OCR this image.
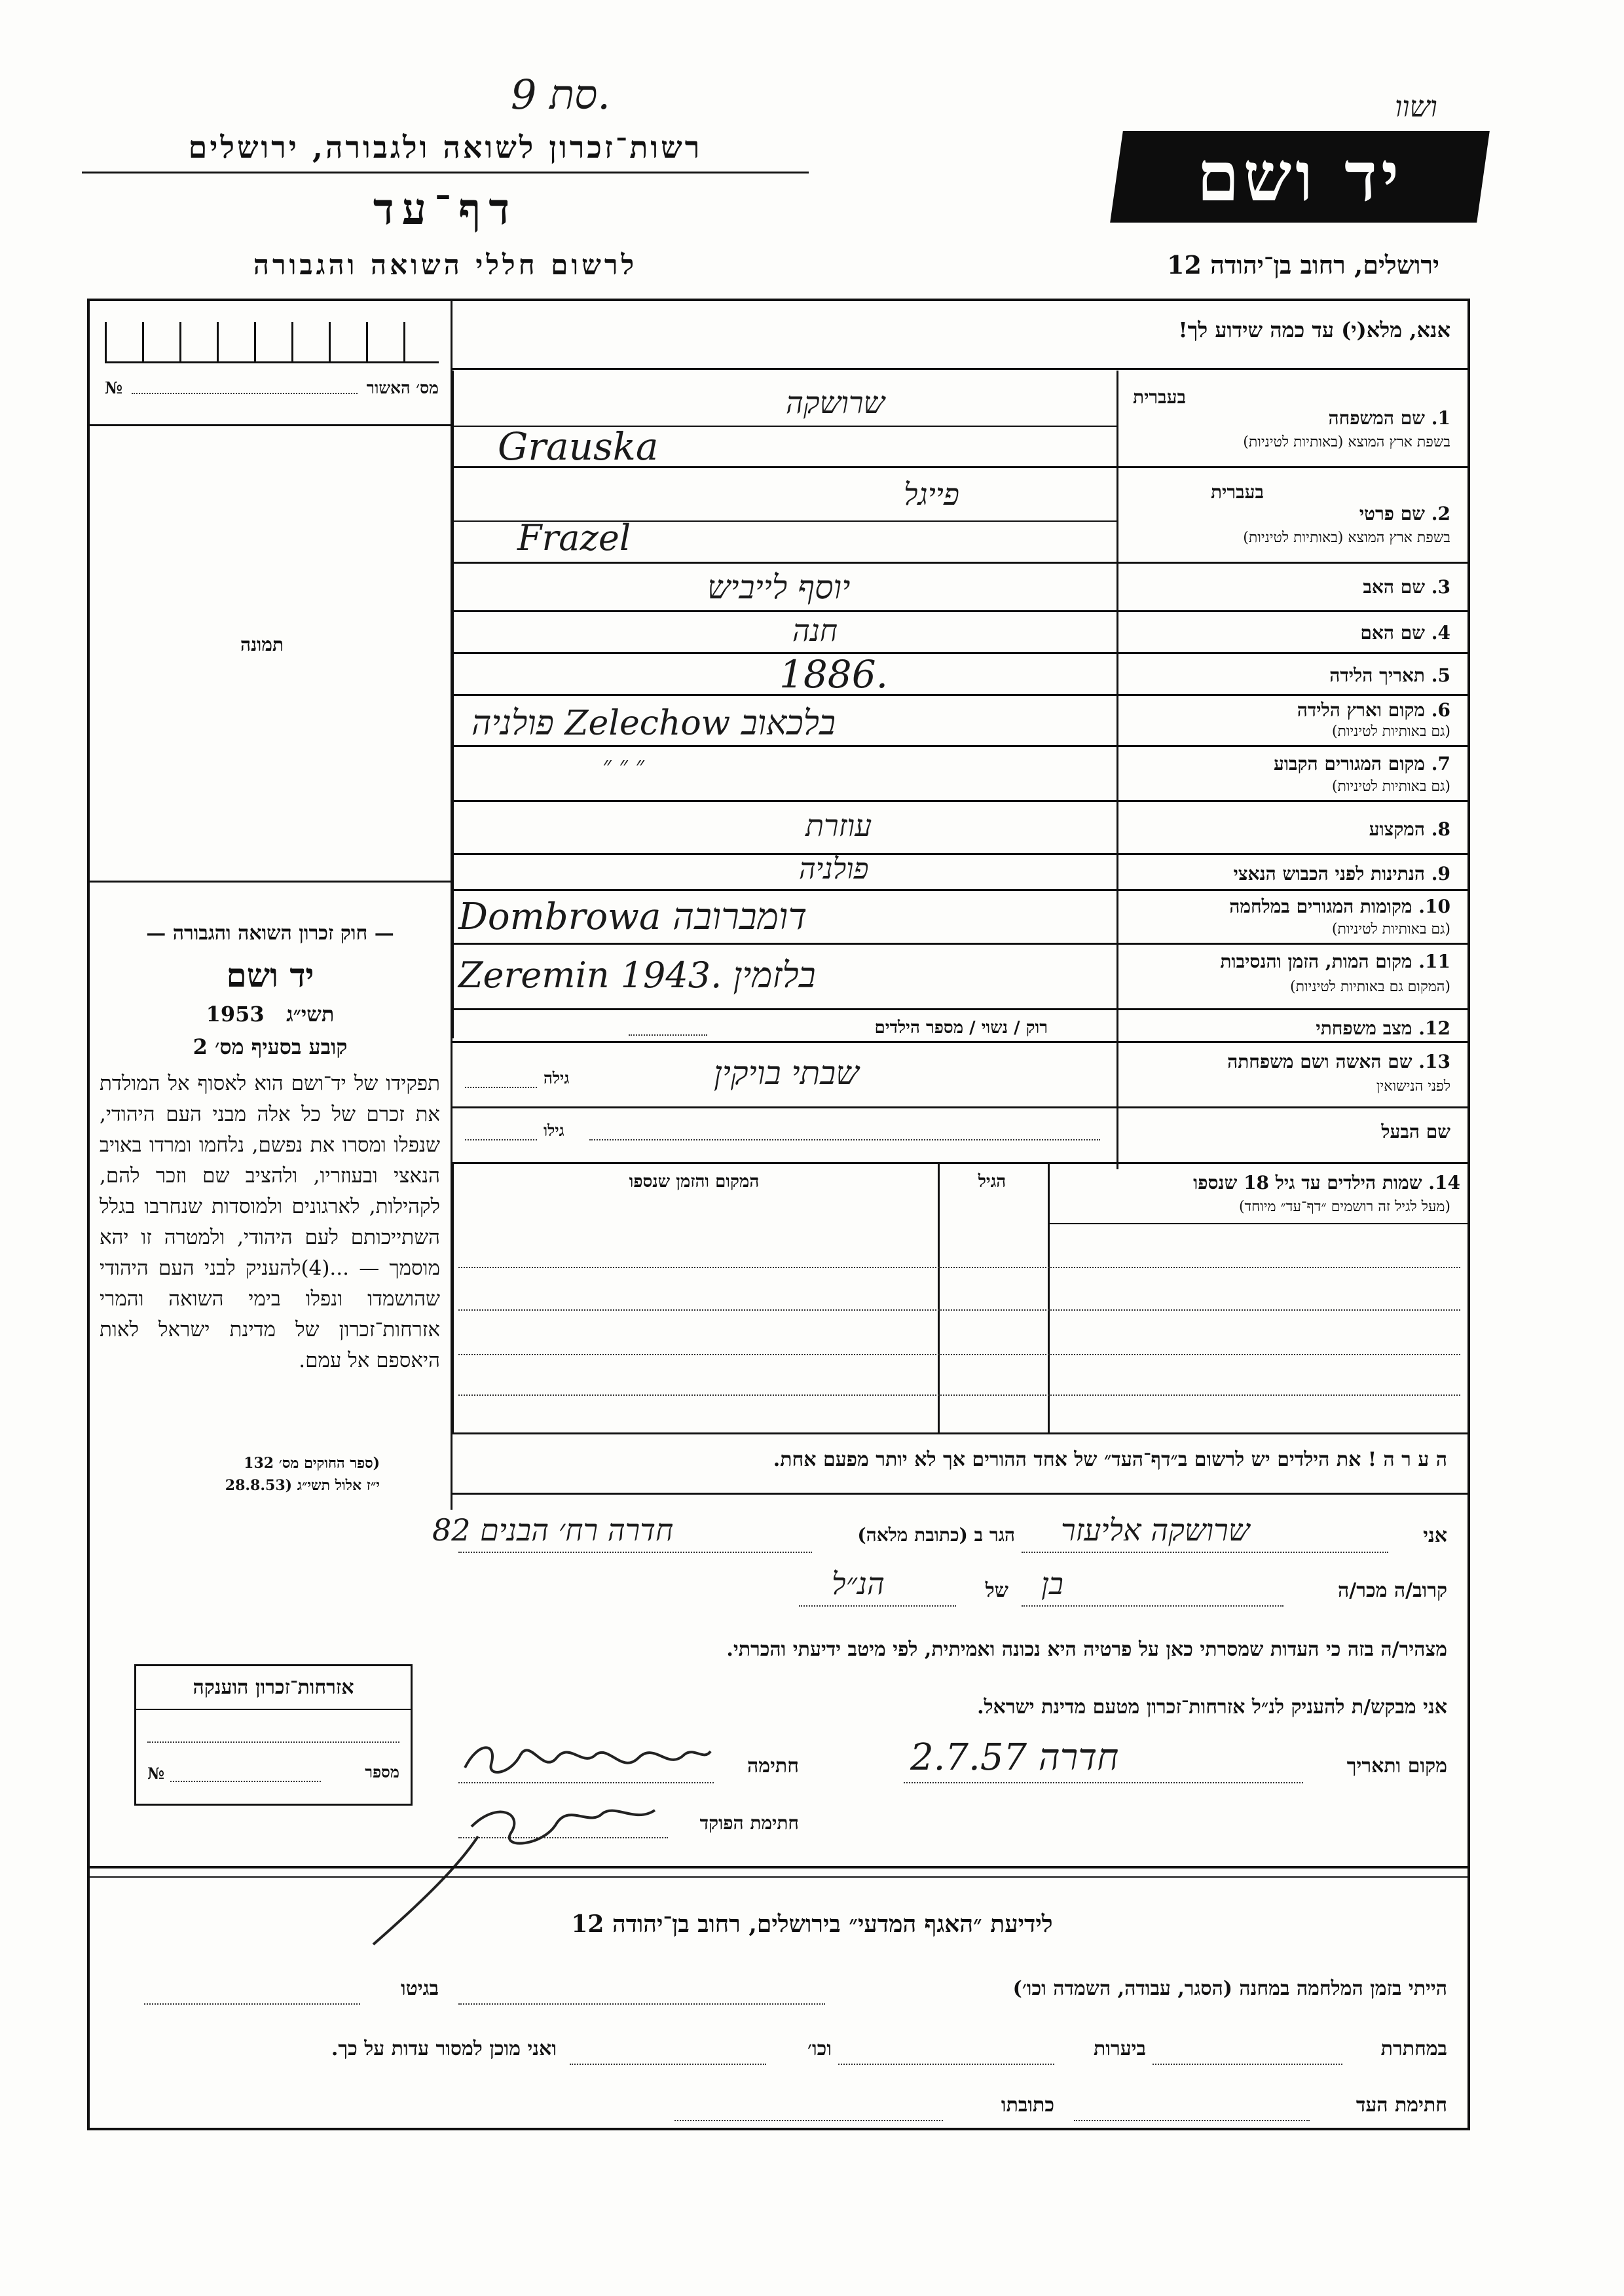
סת 9.	ושוו
רשות־זכרון לשואה ולגבורה, ירושלים
דף־עד
לרשום חללי השואה והגבורה
יד ושם
ירושלים, רחוב בן־יהודה 12
אנא, מלא(י) עד כמה שידוע לך!
מס׳ האשור
№
תמונה
— חוק זכרון השואה והגבורה —
יד ושם
1953 תשי״ג
קובע בסעיף מס׳ 2
תפקידו של יד־ושם הוא לאסוף אל המולדת את זכרם של כל אלה מבני העם היהודי, שנפלו ומסרו את נפשם, נלחמו ומרדו באויב הנאצי ובעוזריו, ולהציב שם וזכר להם, לקהילות, לארגונים ולמוסדות שנחרבו בגלל השתייכותם לעם היהודי, ולמטרה זו יהא מוסמך — ...(4)להעניק לבני העם היהודי שהושמדו ונפלו בימי השואה והמרי אזרחות־זכרון של מדינת ישראל לאות היאספם אל עמם.
(ספר החוקים מס׳ 132
י״ז אלול תשי״ג (28.8.53
בעברית
1. שם המשפחה
בשפת ארץ המוצא (באותיות לטיניות)
שרושקה
Grauska
בעברית
2. שם פרטי
בשפת ארץ המוצא (באותיות לטיניות)
פייגל
Frazel
3. שם האב
יוסף לייביש
4. שם האם
חנה
5. תאריך הלידה
1886.
6. מקום וארץ הלידה
(גם באותיות לטיניות)
פולניה Zelechow בלכאוב
7. מקום המגורים הקבוע
(גם באותיות לטיניות)
״ ״ ״
8. המקצוע
עוזרת
9. הנתינות לפני הכבוש הנאצי
פולניה
10. מקומות המגורים במלחמה
(גם באותיות לטיניות)
Dombrowa דומברובה
11. מקום המות, הזמן והנסיבות
(המקום גם באותיות לטיניות)
Zeremin 1943. בלזמין
12. מצב משפחתי
רוק / נשוי / מספר הילדים
13. שם האשה ושם משפחתה
לפני הנישואין
שבתי בויקין
גילה
שם הבעל
גילו
14. שמות הילדים עד גיל 18 שנספו
(מעל לגיל זה רושמים ״דף־עד״ מיוחד)
הגיל
המקום והזמן שנספו
ה ע ר ה ! את הילדים יש לרשום ב״דף־העד״ של אחד ההורים אך לא יותר מפעם אחת.
אני
שרושקה אליעזר
הגר ב (כתובת מלאה)
חדרה רח׳ הבנים 82
קרוב/ה מכר/ה
בן
של
הנ״ל
מצהיר/ה בזה כי העדות שמסרתי כאן על פרטיה היא נכונה ואמיתית, לפי מיטב ידיעתי והכרתי.
אני מבקש/ת להעניק לנ״ל אזרחות־זכרון מטעם מדינת ישראל.
מקום ותאריך
חדרה 2.7.57
חתימה
חתימת הפוקד
אזרחות־זכרון הוענקה
מספר
№
לידיעת ״האגף המדעי״ בירושלים, רחוב בן־יהודה 12
הייתי בזמן המלחמה במחנה (הסגר, עבודה, השמדה וכו׳)
בגיטו
במחתרת
ביערות
וכו׳
ואני מוכן למסור עדות על כך.
חתימת העד
כתובתו
